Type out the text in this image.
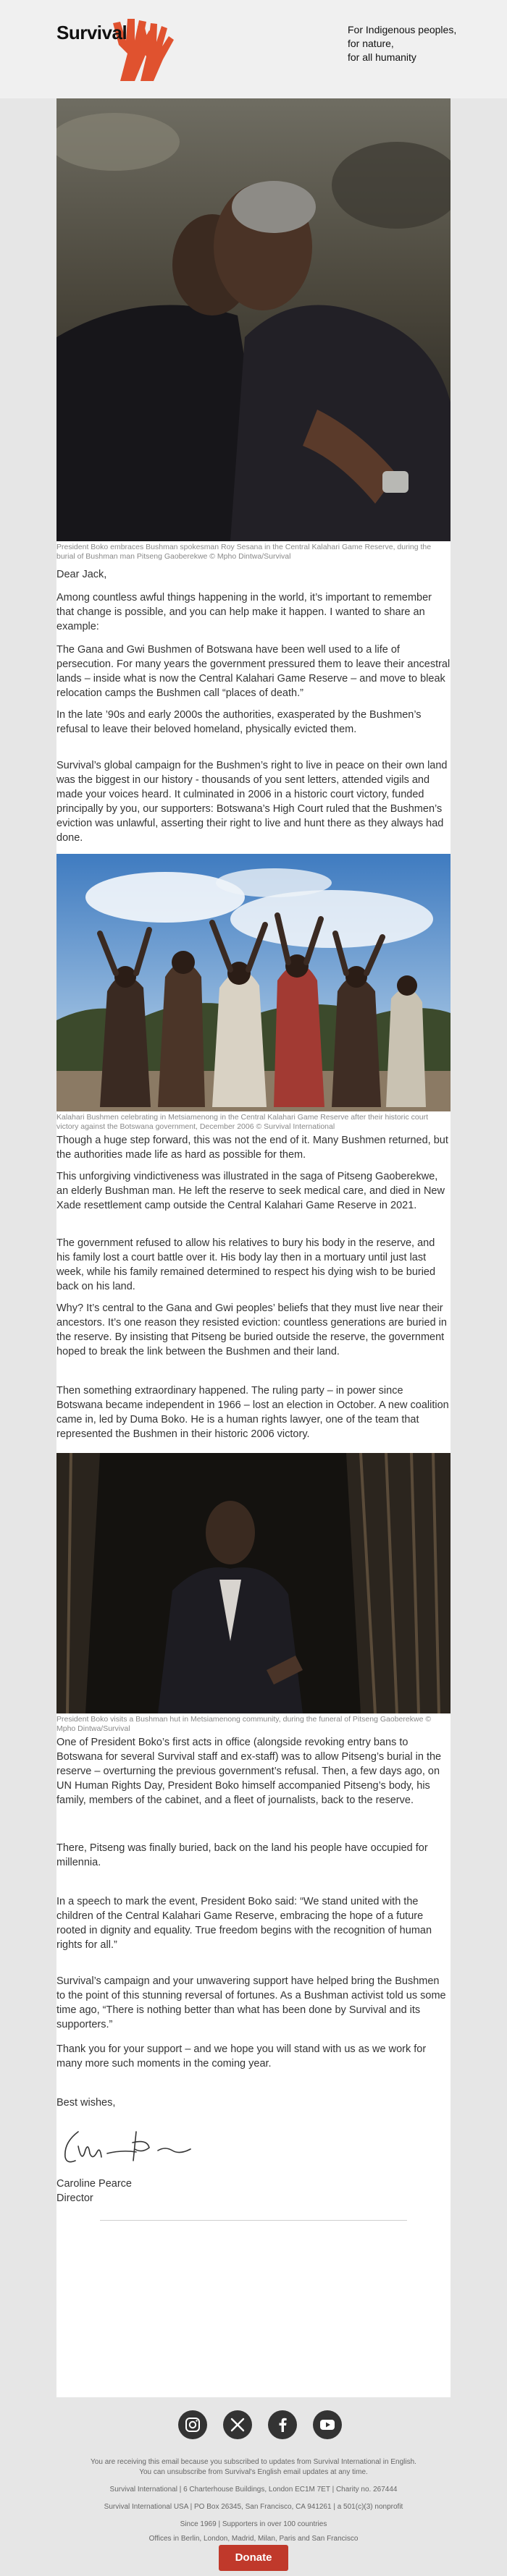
Survival	For Indigenous peoples,
for nature,
for all humanity
President Boko embraces Bushman spokesman Roy Sesana in the Central Kalahari Game Reserve, during the burial of Bushman man Pitseng Gaoberekwe © Mpho Dintwa/Survival
Dear Jack,
Among countless awful things happening in the world, it’s important to remember that change is possible, and you can help make it happen. I wanted to share an example:
The Gana and Gwi Bushmen of Botswana have been well used to a life of persecution. For many years the government pressured them to leave their ancestral lands – inside what is now the Central Kalahari Game Reserve – and move to bleak relocation camps the Bushmen call “places of death.”
In the late ’90s and early 2000s the authorities, exasperated by the Bushmen’s refusal to leave their beloved homeland, physically evicted them.
Survival’s global campaign for the Bushmen’s right to live in peace on their own land was the biggest in our history - thousands of you sent letters, attended vigils and made your voices heard. It culminated in 2006 in a historic court victory, funded principally by you, our supporters: Botswana’s High Court ruled that the Bushmen’s eviction was unlawful, asserting their right to live and hunt there as they always had done.
Kalahari Bushmen celebrating in Metsiamenong in the Central Kalahari Game Reserve after their historic court victory against the Botswana government, December 2006 © Survival International
Though a huge step forward, this was not the end of it. Many Bushmen returned, but the authorities made life as hard as possible for them.
This unforgiving vindictiveness was illustrated in the saga of Pitseng Gaoberekwe, an elderly Bushman man. He left the reserve to seek medical care, and died in New Xade resettlement camp outside the Central Kalahari Game Reserve in 2021.
The government refused to allow his relatives to bury his body in the reserve, and his family lost a court battle over it. His body lay then in a mortuary until just last week, while his family remained determined to respect his dying wish to be buried back on his land.
Why? It’s central to the Gana and Gwi peoples’ beliefs that they must live near their ancestors. It’s one reason they resisted eviction: countless generations are buried in the reserve. By insisting that Pitseng be buried outside the reserve, the government hoped to break the link between the Bushmen and their land.
Then something extraordinary happened. The ruling party – in power since Botswana became independent in 1966 – lost an election in October. A new coalition came in, led by Duma Boko. He is a human rights lawyer, one of the team that represented the Bushmen in their historic 2006 victory.
President Boko visits a Bushman hut in Metsiamenong community, during the funeral of Pitseng Gaoberekwe © Mpho Dintwa/Survival
One of President Boko’s first acts in office (alongside revoking entry bans to Botswana for several Survival staff and ex-staff) was to allow Pitseng’s burial in the reserve – overturning the previous government’s refusal. Then, a few days ago, on UN Human Rights Day, President Boko himself accompanied Pitseng’s body, his family, members of the cabinet, and a fleet of journalists, back to the reserve.
There, Pitseng was finally buried, back on the land his people have occupied for millennia.
In a speech to mark the event, President Boko said: “We stand united with the children of the Central Kalahari Game Reserve, embracing the hope of a future rooted in dignity and equality. True freedom begins with the recognition of human rights for all.”
Survival’s campaign and your unwavering support have helped bring the Bushmen to the point of this stunning reversal of fortunes. As a Bushman activist told us some time ago, “There is nothing better than what has been done by Survival and its supporters.”
Thank you for your support – and we hope you will stand with us as we work for many more such moments in the coming year.
Best wishes,
Caroline Pearce
Director
You are receiving this email because you subscribed to updates from Survival International in English.
You can unsubscribe from Survival's English email updates at any time.
Survival International | 6 Charterhouse Buildings, London EC1M 7ET | Charity no. 267444
Survival International USA | PO Box 26345, San Francisco, CA 941261 | a 501(c)(3) nonprofit
Since 1969 | Supporters in over 100 countries
Offices in Berlin, London, Madrid, Milan, Paris and San Francisco
Donate
